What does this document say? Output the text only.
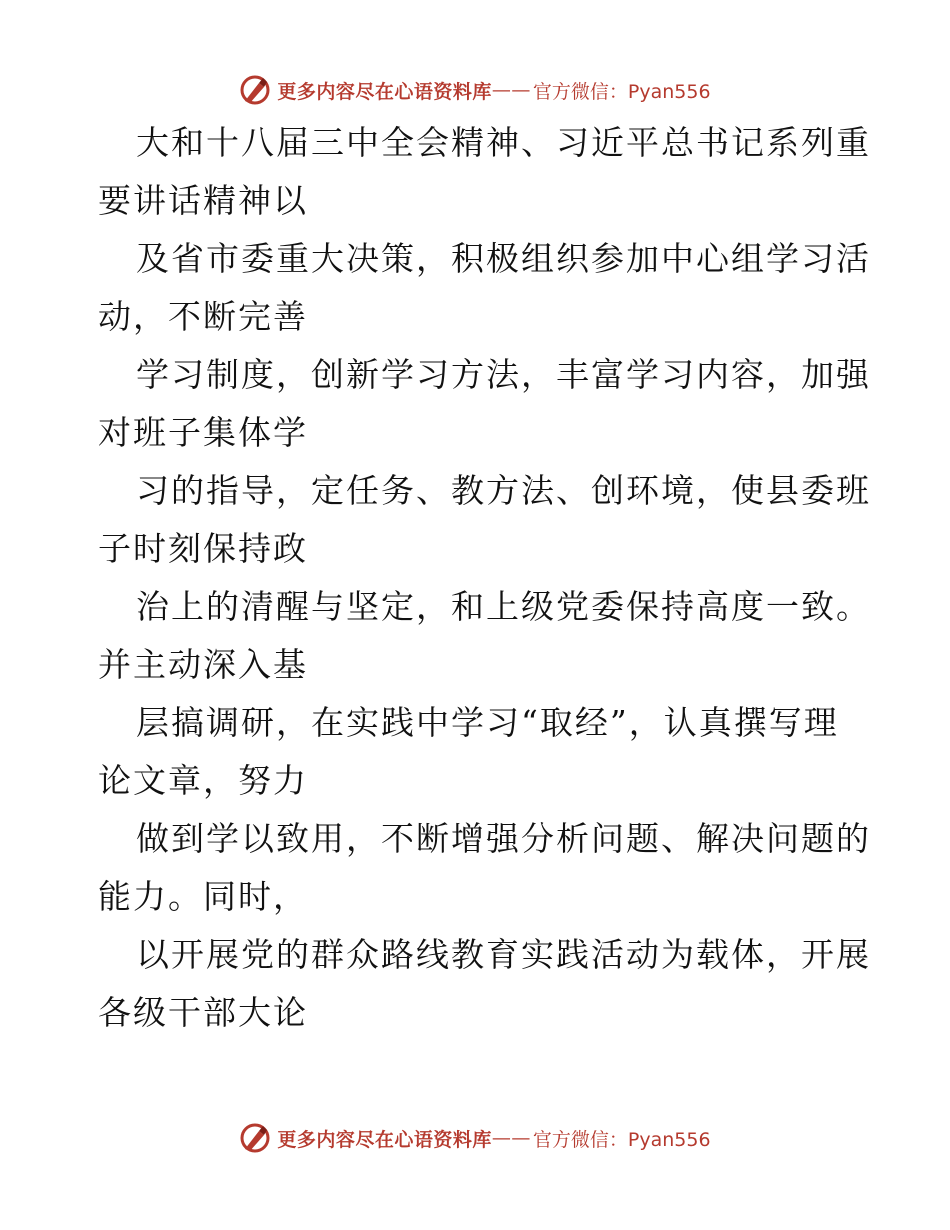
更多内容尽在心语资料库 —— 官方微信：Pyan556
大和十八届三中全会精神、习近平总书记系列重
要讲话精神以
及省市委重大决策，积极组织参加中心组学习活
动，不断完善
学习制度，创新学习方法，丰富学习内容，加强
对班子集体学
习的指导，定任务、教方法、创环境，使县委班
子时刻保持政
治上的清醒与坚定，和上级党委保持高度一致。
并主动深入基
层搞调研，在实践中学习“取经”，认真撰写理
论文章，努力
做到学以致用，不断增强分析问题、解决问题的
能力。同时，
以开展党的群众路线教育实践活动为载体，开展
各级干部大论
更多内容尽在心语资料库 —— 官方微信：Pyan556
